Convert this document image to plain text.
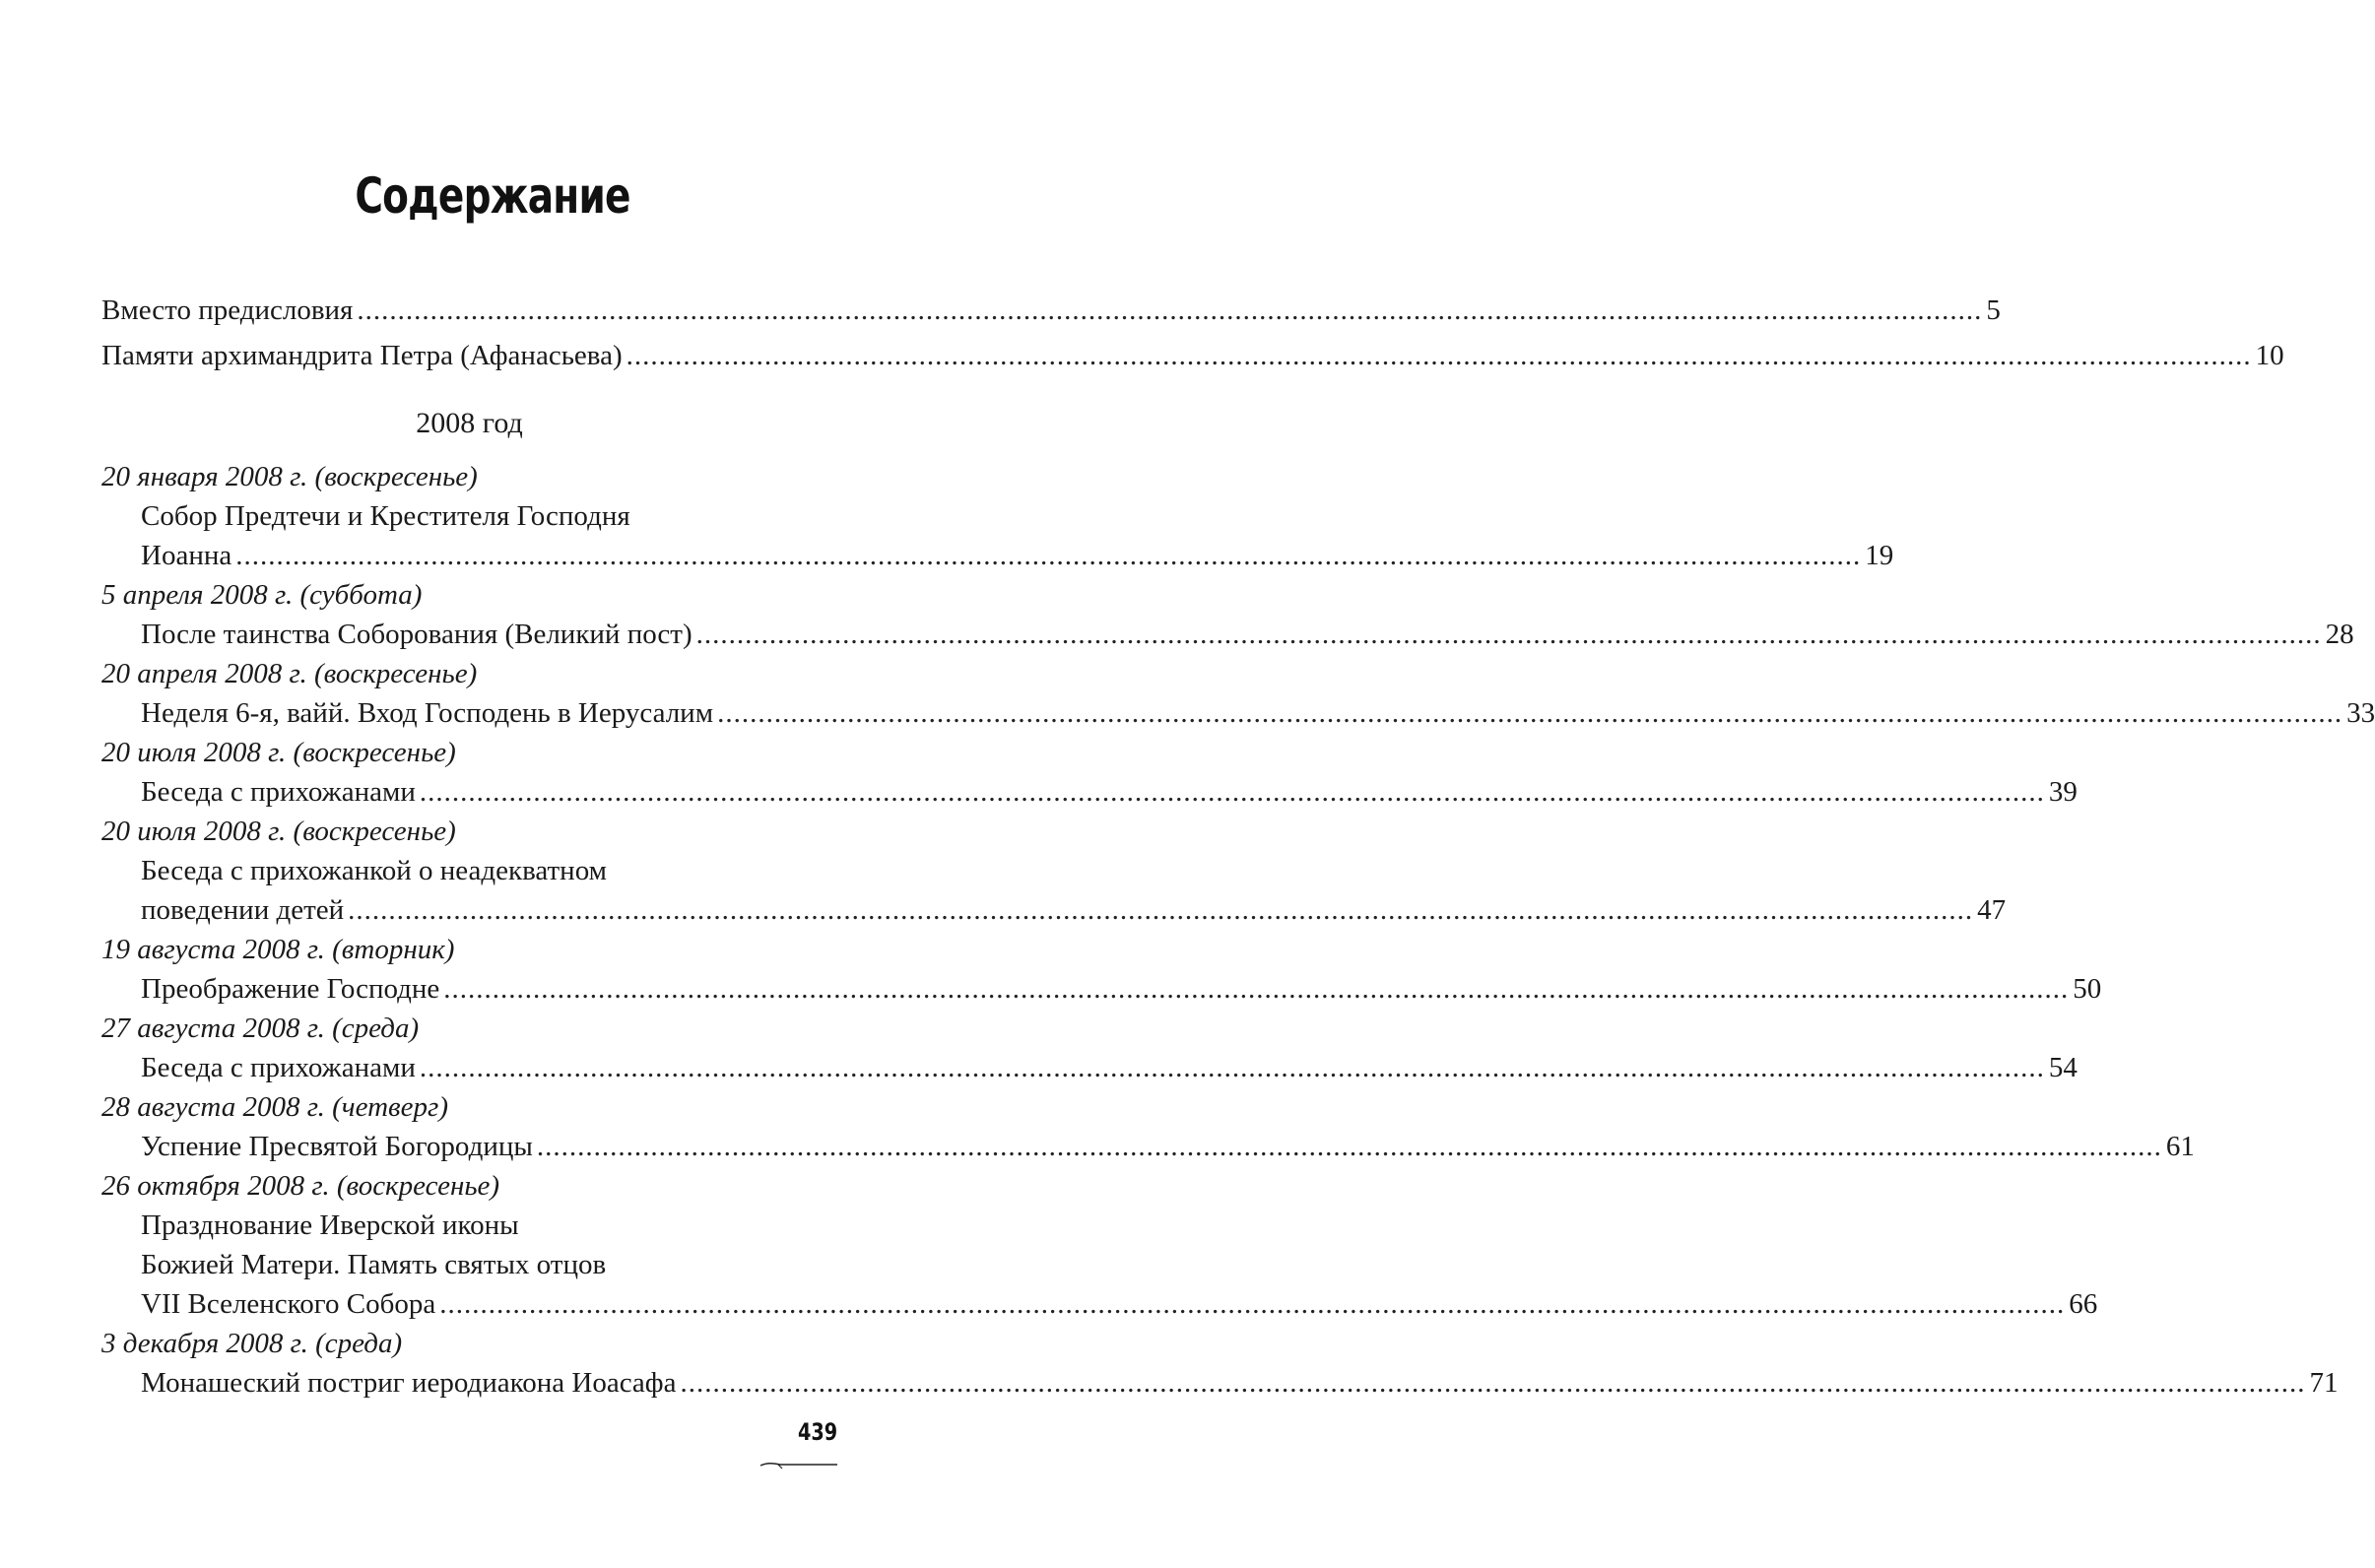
Содержание
Вместо предисловия ........................................................................................................................................................................................................ 5
Памяти архимандрита Петра (Афанасьева) ........................................................................................................................................................................................................ 10
2008 год
20 января 2008 г. (воскресенье)
Собор Предтечи и Крестителя Господня
Иоанна ........................................................................................................................................................................................................ 19
5 апреля 2008 г. (суббота)
После таинства Соборования (Великий пост) ........................................................................................................................................................................................................ 28
20 апреля 2008 г. (воскресенье)
Неделя 6-я, вайй. Вход Господень в Иерусалим ........................................................................................................................................................................................................ 33
20 июля 2008 г. (воскресенье)
Беседа с прихожанами ........................................................................................................................................................................................................ 39
20 июля 2008 г. (воскресенье)
Беседа с прихожанкой о неадекватном
поведении детей ........................................................................................................................................................................................................ 47
19 августа 2008 г. (вторник)
Преображение Господне ........................................................................................................................................................................................................ 50
27 августа 2008 г. (среда)
Беседа с прихожанами ........................................................................................................................................................................................................ 54
28 августа 2008 г. (четверг)
Успение Пресвятой Богородицы ........................................................................................................................................................................................................ 61
26 октября 2008 г. (воскресенье)
Празднование Иверской иконы
Божией Матери. Память святых отцов
VII Вселенского Собора ........................................................................................................................................................................................................ 66
3 декабря 2008 г. (среда)
Монашеский постриг иеродиакона Иоасафа ........................................................................................................................................................................................................ 71
439
